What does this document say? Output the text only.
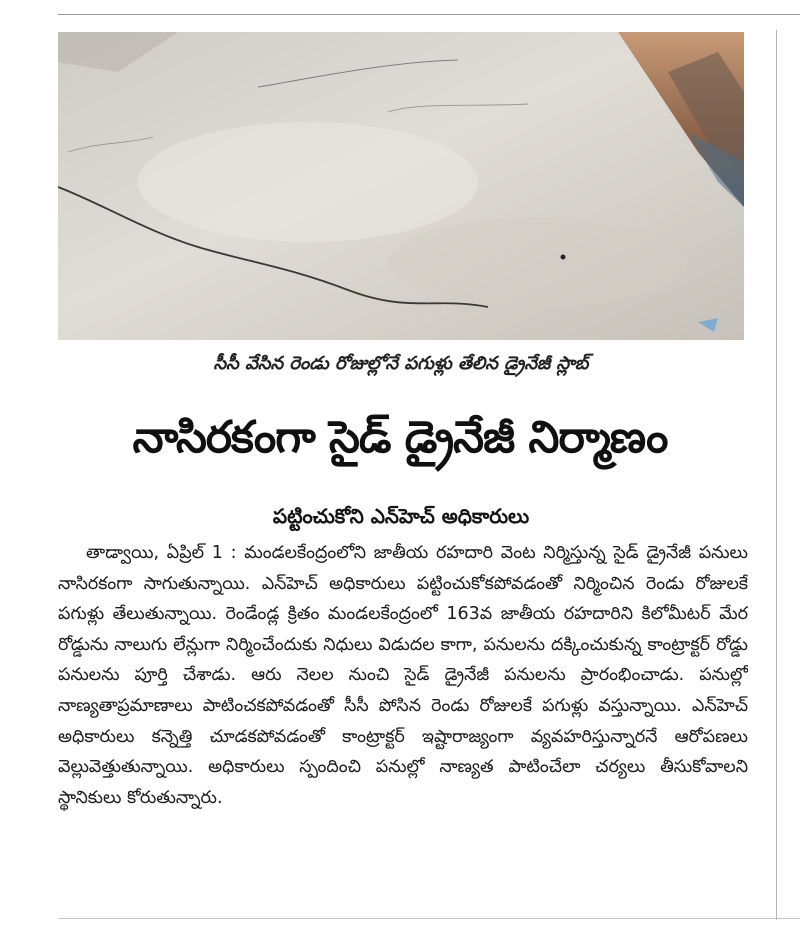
సీసీ వేసిన రెండు రోజుల్లోనే పగుళ్లు తేలిన డ్రైనేజీ స్లాబ్
నాసిరకంగా సైడ్ డ్రైనేజీ నిర్మాణం
పట్టించుకోని ఎన్‌హెచ్ అధికారులు

తాడ్వాయి, ఏప్రిల్ 1 : మండలకేంద్రంలోని జాతీయ రహదారి వెంట నిర్మిస్తున్న సైడ్ డ్రైనేజీ పనులు నాసిరకంగా సాగుతున్నాయి. ఎన్‌హెచ్ అధికారులు పట్టించుకోకపోవడంతో నిర్మించిన రెండు రోజులకే పగుళ్లు తేలుతున్నాయి. రెండేండ్ల క్రితం మండలకేంద్రంలో 163వ జాతీయ రహదారిని కిలోమీటర్ మేర రోడ్డును నాలుగు లేన్లుగా నిర్మించేందుకు నిధులు విడుదల కాగా, పనులను దక్కించుకున్న కాంట్రాక్టర్ రోడ్డు పనులను పూర్తి చేశాడు. ఆరు నెలల నుంచి సైడ్ డ్రైనేజీ పనులను ప్రారంభించాడు. పనుల్లో నాణ్యతాప్రమాణాలు పాటించకపోవడంతో సీసీ పోసిన రెండు రోజులకే పగుళ్లు వస్తున్నాయి. ఎన్‌హెచ్ అధికారులు కన్నెత్తి చూడకపోవడంతో కాంట్రాక్టర్ ఇష్టారాజ్యంగా వ్యవహరిస్తున్నారనే ఆరోపణలు వెల్లువెత్తుతున్నాయి. అధికారులు స్పందించి పనుల్లో నాణ్యత పాటించేలా చర్యలు తీసుకోవాలని స్థానికులు కోరుతున్నారు.
